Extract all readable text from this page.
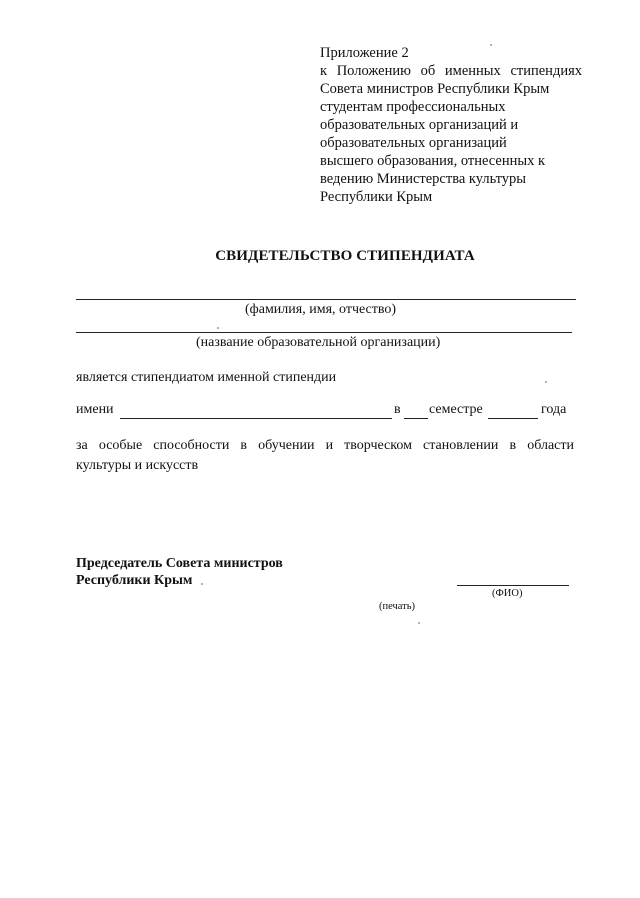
Приложение 2
к Положению об именных стипендиях
Совета министров Республики Крым
студентам профессиональных
образовательных организаций и
образовательных организаций
высшего образования, отнесенных к
ведению Министерства культуры
Республики Крым
СВИДЕТЕЛЬСТВО СТИПЕНДИАТА
(фамилия, имя, отчество)
(название образовательной организации)
является стипендиатом именной стипендии
имени	в семестре	года
за особые способности в обучении и творческом становлении в области
культуры и искусств
Председатель Совета министров
Республики Крым
(ФИО)
(печать)
